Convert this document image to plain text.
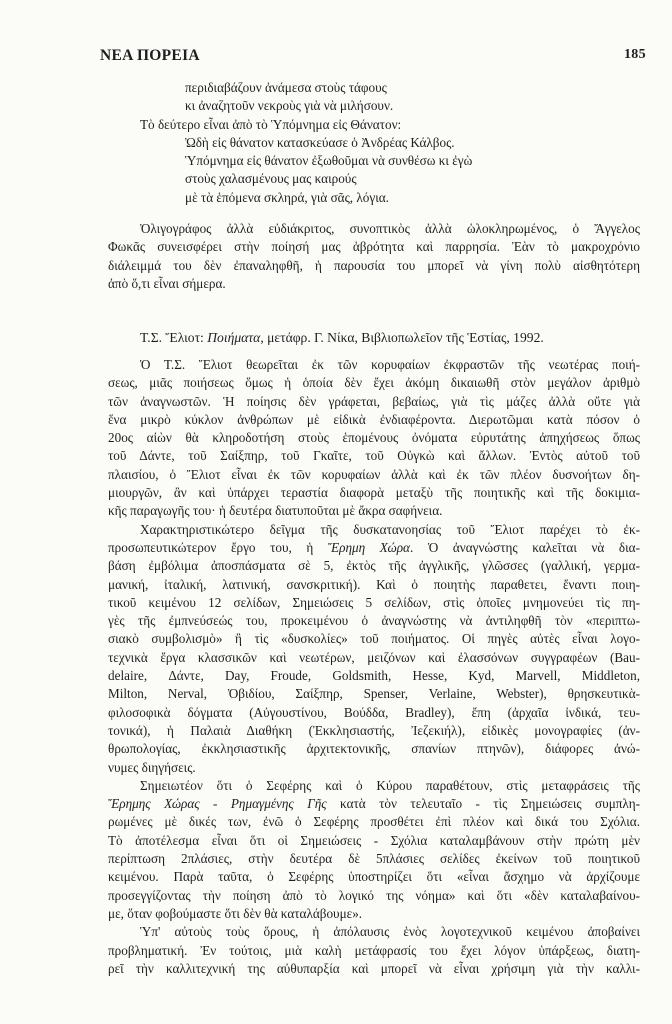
ΝΕΑ ΠΟΡΕΙΑ	185
περιδιαβάζουν ἀνάμεσα στοὺς τάφους
κι ἀναζητοῦν νεκροὺς γιὰ νὰ μιλήσουν.
Τὸ δεύτερο εἶναι ἀπὸ τὸ Ὑπόμνημα εἰς Θάνατον:
Ὠδὴ εἰς θάνατον κατασκεύασε ὁ Ἀνδρέας Κάλβος.
Ὑπόμνημα εἰς θάνατον ἐξωθοῦμαι νὰ συνθέσω κι ἐγὼ
στοὺς χαλασμένους μας καιρούς
μὲ τὰ ἑπόμενα σκληρά, γιὰ σᾶς, λόγια.
Ὀλιγογράφος ἀλλὰ εὐδιάκριτος, συνοπτικὸς ἀλλὰ ὡλοκληρωμένος, ὁ Ἄγγελος
Φωκᾶς συνεισφέρει στὴν ποίησή μας ἁβρότητα καὶ παρρησία. Ἐὰν τὸ μακροχρόνιο
διάλειμμά του δὲν ἐπαναληφθῆ, ἡ παρουσία του μπορεῖ νὰ γίνη πολὺ αἰσθητότερη
ἀπὸ ὅ,τι εἶναι σήμερα.
Τ.Σ. Ἔλιοτ: Ποιήματα, μετάφρ. Γ. Νίκα, Βιβλιοπωλεῖον τῆς Ἑστίας, 1992.
Ὁ Τ.Σ. Ἔλιοτ θεωρεῖται ἐκ τῶν κορυφαίων ἐκφραστῶν τῆς νεωτέρας ποιή-
σεως, μιᾶς ποιήσεως ὅμως ἡ ὁποία δὲν ἔχει ἀκόμη δικαιωθῆ στὸν μεγάλον ἀριθμὸ
τῶν ἀναγνωστῶν. Ἡ ποίησις δὲν γράφεται, βεβαίως, γιὰ τὶς μάζες ἀλλὰ οὔτε γιὰ
ἕνα μικρὸ κύκλον ἀνθρώπων μὲ εἰδικὰ ἐνδιαφέροντα. Διερωτῶμαι κατὰ πόσον ὁ
20ος αἰὼν θὰ κληροδοτήση στοὺς ἑπομένους ὀνόματα εὐρυτάτης ἀπηχήσεως ὅπως
τοῦ Δάντε, τοῦ Σαίξπηρ, τοῦ Γκαῖτε, τοῦ Οὐγκὼ καὶ ἄλλων. Ἐντὸς αὐτοῦ τοῦ
πλαισίου, ὁ Ἔλιοτ εἶναι ἐκ τῶν κορυφαίων ἀλλὰ καὶ ἐκ τῶν πλέον δυσνοήτων δη-
μιουργῶν, ἂν καὶ ὑπάρχει τεραστία διαφορὰ μεταξὺ τῆς ποιητικῆς καὶ τῆς δοκιμια-
κῆς παραγωγῆς του· ἡ δευτέρα διατυποῦται μὲ ἄκρα σαφήνεια.
Χαρακτηριστικώτερο δεῖγμα τῆς δυσκατανοησίας τοῦ Ἔλιοτ παρέχει τὸ ἐκ-
προσωπευτικώτερον ἔργο του, ἡ Ἔρημη Χώρα. Ὁ ἀναγνώστης καλεῖται νὰ δια-
βάση ἐμβόλιμα ἀποσπάσματα σὲ 5, ἐκτὸς τῆς ἀγγλικῆς, γλῶσσες (γαλλική, γερμα-
μανική, ἰταλική, λατινική, σανσκριτική). Καὶ ὁ ποιητὴς παραθετει, ἔναντι ποιη-
τικοῦ κειμένου 12 σελίδων, Σημειώσεις 5 σελίδων, στὶς ὁποῖες μνημονεύει τὶς πη-
γὲς τῆς ἐμπνεύσεώς του, προκειμένου ὁ ἀναγνώστης νὰ ἀντιληφθῆ τὸν «περιπτω-
σιακὸ συμβολισμὸ» ἢ τὶς «δυσκολίες» τοῦ ποιήματος. Οἱ πηγὲς αὐτὲς εἶναι λογο-
τεχνικὰ ἔργα κλασσικῶν καὶ νεωτέρων, μειζόνων καὶ ἐλασσόνων συγγραφέων (Bau-
delaire, Δάντε, Day, Froude, Goldsmith, Hesse, Kyd, Marvell, Middleton,
Milton, Nerval, Ὀβιδίου, Σαίξπηρ, Spenser, Verlaine, Webster), θρησκευτικὰ-
φιλοσοφικὰ δόγματα (Αὐγουστίνου, Βούδδα, Bradley), ἔπη (ἀρχαῖα ἰνδικά, τευ-
τονικά), ἡ Παλαιὰ Διαθήκη (Ἐκκλησιαστής, Ἰεζεκιήλ), εἰδικὲς μονογραφίες (ἀν-
θρωπολογίας, ἐκκλησιαστικῆς ἀρχιτεκτονικῆς, σπανίων πτηνῶν), διάφορες ἀνώ-
νυμες διηγήσεις.
Σημειωτέον ὅτι ὁ Σεφέρης καὶ ὁ Κύρου παραθέτουν, στὶς μεταφράσεις τῆς
Ἔρημης Χώρας - Ρημαγμένης Γῆς κατὰ τὸν τελευταῖο - τὶς Σημειώσεις συμπλη-
ρωμένες μὲ δικές των, ἐνῶ ὁ Σεφέρης προσθέτει ἐπὶ πλέον καὶ δικά του Σχόλια.
Τὸ ἀποτέλεσμα εἶναι ὅτι οἱ Σημειώσεις - Σχόλια καταλαμβάνουν στὴν πρώτη μὲν
περίπτωση 2πλάσιες, στὴν δευτέρα δὲ 5πλάσιες σελίδες ἐκείνων τοῦ ποιητικοῦ
κειμένου. Παρὰ ταῦτα, ὁ Σεφέρης ὑποστηρίζει ὅτι «εἶναι ἄσχημο νὰ ἀρχίζουμε
προσεγγίζοντας τὴν ποίηση ἀπὸ τὸ λογικό της νόημα» καὶ ὅτι «δὲν καταλαβαίνου-
με, ὅταν φοβούμαστε ὅτι δὲν θὰ καταλάβουμε».
Ὑπ' αὐτοὺς τοὺς ὅρους, ἡ ἀπόλαυσις ἑνὸς λογοτεχνικοῦ κειμένου ἀποβαίνει
προβληματική. Ἐν τούτοις, μιὰ καλὴ μετάφρασίς του ἔχει λόγον ὑπάρξεως, διατη-
ρεῖ τὴν καλλιτεχνική της αὐθυπαρξία καὶ μπορεῖ νὰ εἶναι χρήσιμη γιὰ τὴν καλλι-
